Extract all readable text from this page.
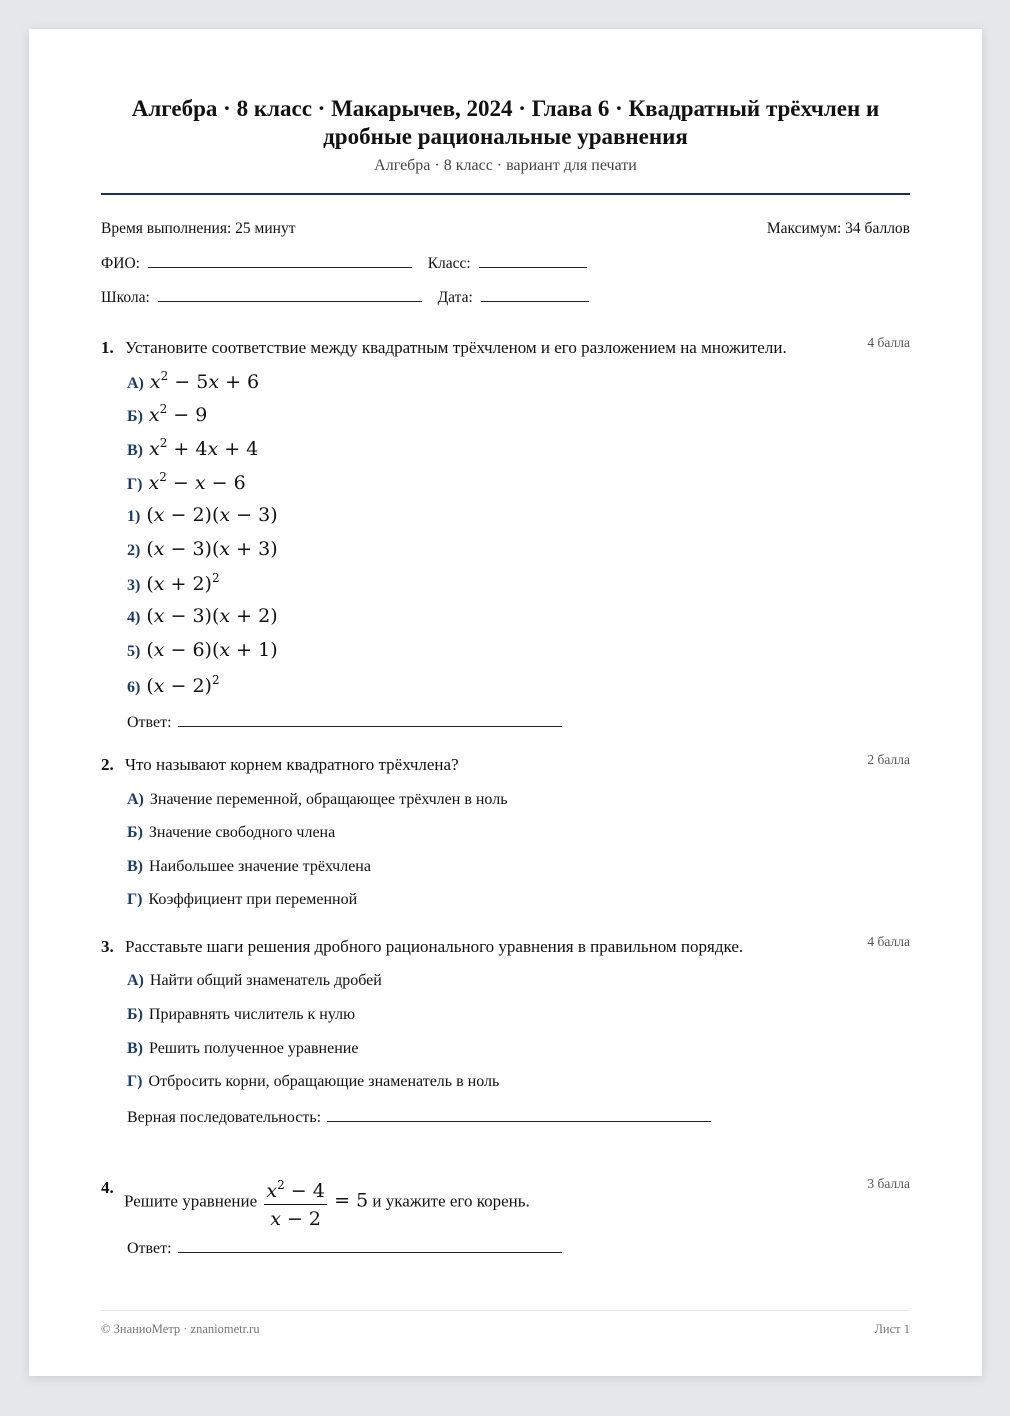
Алгебра · 8 класс · Макарычев, 2024 · Глава 6 · Квадратный трёхчлен и дробные рациональные уравнения
Алгебра · 8 класс · вариант для печати
Время выполнения: 25 минут	Максимум: 34 баллов
ФИО:	Класс:
Школа:	Дата:
1. Установите соответствие между квадратным трёхчленом и его разложением на множители.	4 балла
А) $x^2 - 5x + 6$
Б) $x^2 - 9$
В) $x^2 + 4x + 4$
Г) $x^2 - x - 6$
1) (x − 2)(x − 3)
2) (x − 3)(x + 3)
3) $(x + 2)^2$
4) (x − 3)(x + 2)
5) (x − 6)(x + 1)
6) $(x - 2)^2$
Ответ:
2. Что называют корнем квадратного трёхчлена?	2 балла
А) Значение переменной, обращающее трёхчлен в ноль
Б) Значение свободного члена
В) Наибольшее значение трёхчлена
Г) Коэффициент при переменной
3. Расставьте шаги решения дробного рационального уравнения в правильном порядке.	4 балла
А) Найти общий знаменатель дробей
Б) Приравнять числитель к нулю
В) Решить полученное уравнение
Г) Отбросить корни, обращающие знаменатель в ноль
Верная последовательность:
4.
Решите уравнение $\frac{x^2 - 4}{x - 2} = 5$ и укажите его корень.
3 балла
Ответ:
© ЗнаниоМетр · znaniometr.ru	Лист 1
